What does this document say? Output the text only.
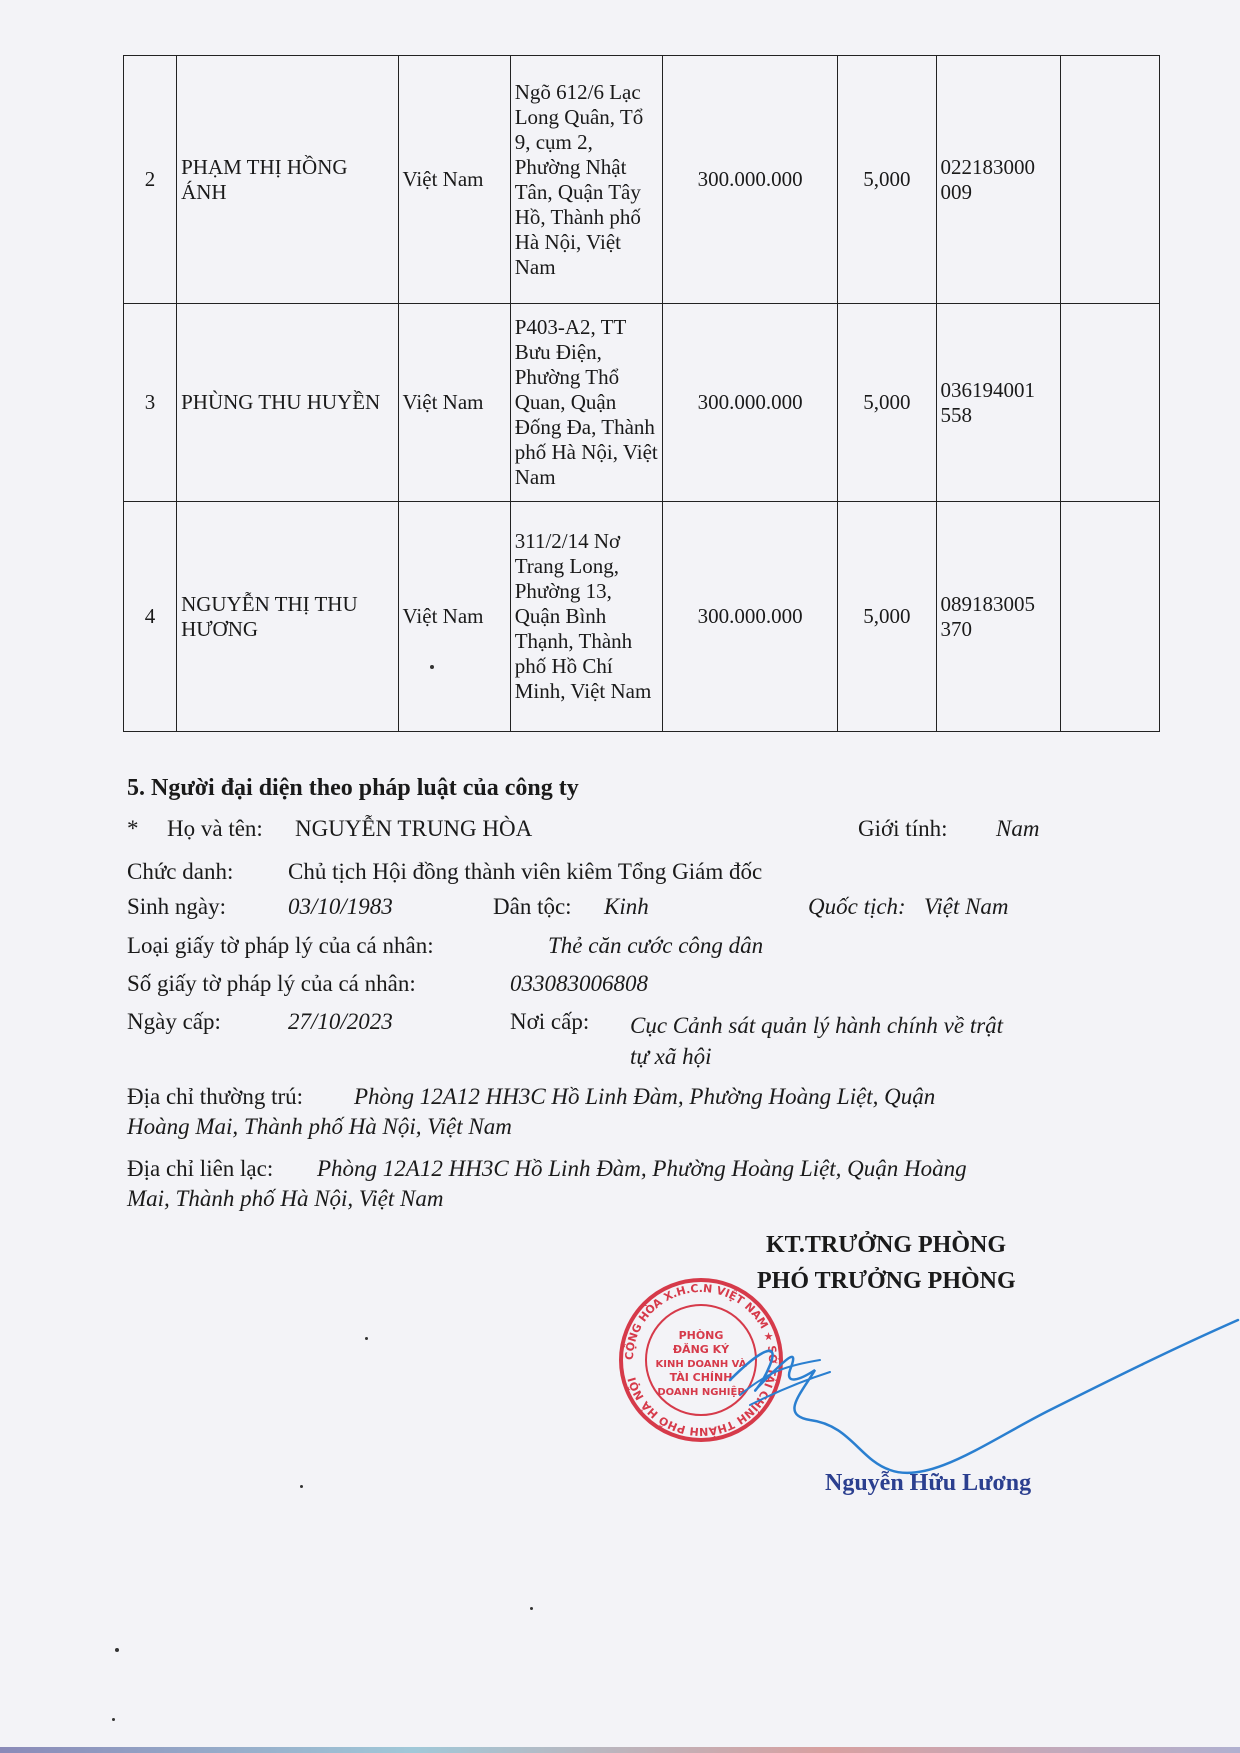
2	PHẠM THỊ HỒNG ÁNH	Việt Nam	Ngõ 612/6 Lạc Long Quân, Tổ 9, cụm 2, Phường Nhật Tân, Quận Tây Hồ, Thành phố Hà Nội, Việt Nam	300.000.000	5,000	022183000 009	
3	PHÙNG THU HUYỀN	Việt Nam	P403-A2, TT Bưu Điện, Phường Thổ Quan, Quận Đống Đa, Thành phố Hà Nội, Việt Nam	300.000.000	5,000	036194001 558	
4	NGUYỄN THỊ THU HƯƠNG	Việt Nam	311/2/14 Nơ Trang Long, Phường 13, Quận Bình Thạnh, Thành phố Hồ Chí Minh, Việt Nam	300.000.000	5,000	089183005 370	
5. Người đại diện theo pháp luật của công ty
* Họ và tên: NGUYỄN TRUNG HÒA	Giới tính: Nam
Chức danh: Chủ tịch Hội đồng thành viên kiêm Tổng Giám đốc
Sinh ngày:	03/10/1983	Dân tộc: Kinh	Quốc tịch: Việt Nam
Loại giấy tờ pháp lý của cá nhân:	Thẻ căn cước công dân
Số giấy tờ pháp lý của cá nhân:	033083006808
Ngày cấp:	27/10/2023	Nơi cấp: Cục Cảnh sát quản lý hành chính về trật
tự xã hội
Địa chỉ thường trú: Phòng 12A12 HH3C Hồ Linh Đàm, Phường Hoàng Liệt, Quận
Hoàng Mai, Thành phố Hà Nội, Việt Nam
Địa chỉ liên lạc: Phòng 12A12 HH3C Hồ Linh Đàm, Phường Hoàng Liệt, Quận Hoàng
Mai, Thành phố Hà Nội, Việt Nam
KT.TRƯỞNG PHÒNG
PHÓ TRƯỞNG PHÒNG
CỘNG HÒA X.H.C.N VIỆT NAM ★ SỞ TÀI CHÍNH THÀNH PHỐ HÀ NỘI
PHÒNG
ĐĂNG KÝ
KINH DOANH VÀ
TÀI CHÍNH
DOANH NGHIỆP
Nguyễn Hữu Lương
